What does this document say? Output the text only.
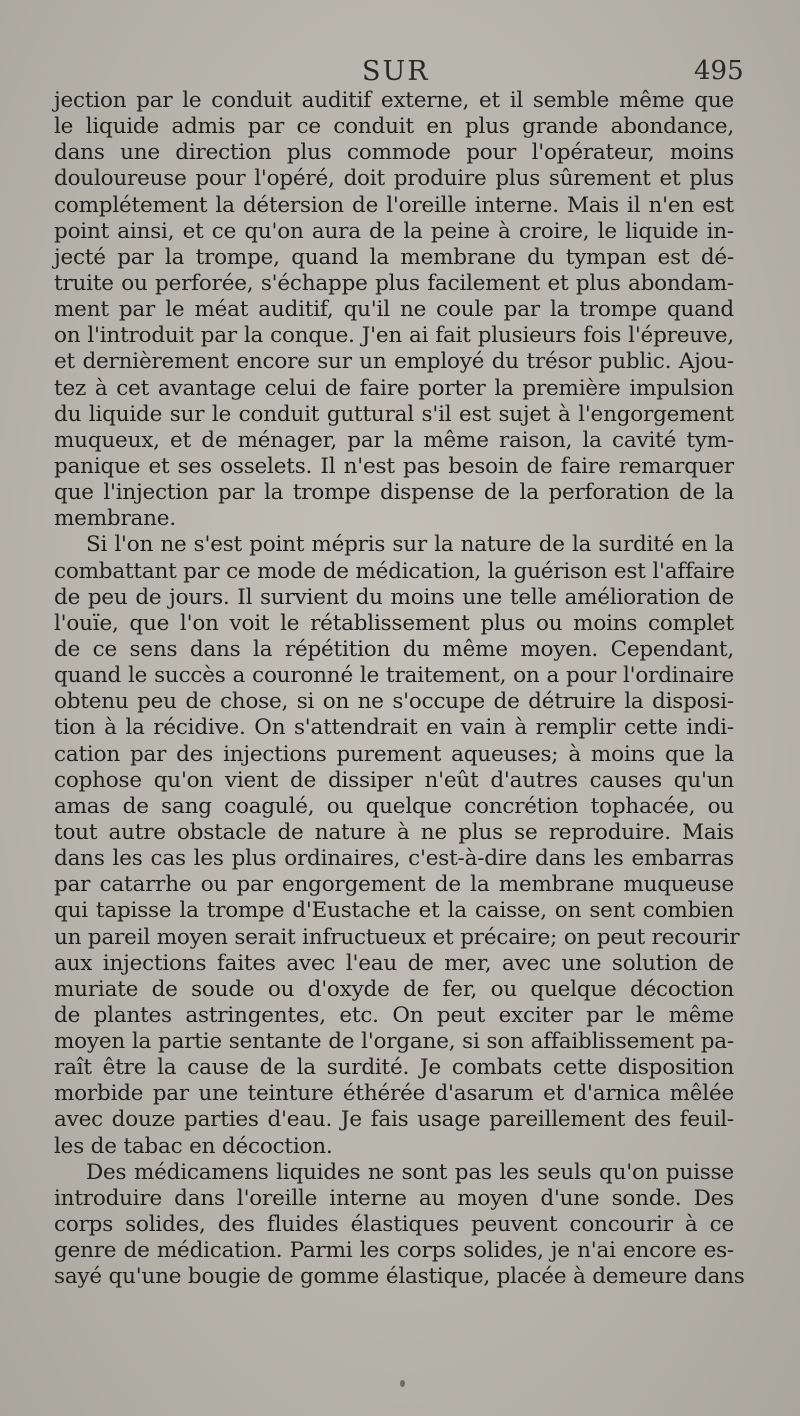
SUR	495
jection par le conduit auditif externe, et il semble même que
le liquide admis par ce conduit en plus grande abondance,
dans une direction plus commode pour l'opérateur, moins
douloureuse pour l'opéré, doit produire plus sûrement et plus
complétement la détersion de l'oreille interne. Mais il n'en est
point ainsi, et ce qu'on aura de la peine à croire, le liquide in-
jecté par la trompe, quand la membrane du tympan est dé-
truite ou perforée, s'échappe plus facilement et plus abondam-
ment par le méat auditif, qu'il ne coule par la trompe quand
on l'introduit par la conque. J'en ai fait plusieurs fois l'épreuve,
et dernièrement encore sur un employé du trésor public. Ajou-
tez à cet avantage celui de faire porter la première impulsion
du liquide sur le conduit guttural s'il est sujet à l'engorgement
muqueux, et de ménager, par la même raison, la cavité tym-
panique et ses osselets. Il n'est pas besoin de faire remarquer
que l'injection par la trompe dispense de la perforation de la
membrane.
Si l'on ne s'est point mépris sur la nature de la surdité en la
combattant par ce mode de médication, la guérison est l'affaire
de peu de jours. Il survient du moins une telle amélioration de
l'ouïe, que l'on voit le rétablissement plus ou moins complet
de ce sens dans la répétition du même moyen. Cependant,
quand le succès a couronné le traitement, on a pour l'ordinaire
obtenu peu de chose, si on ne s'occupe de détruire la disposi-
tion à la récidive. On s'attendrait en vain à remplir cette indi-
cation par des injections purement aqueuses; à moins que la
cophose qu'on vient de dissiper n'eût d'autres causes qu'un
amas de sang coagulé, ou quelque concrétion tophacée, ou
tout autre obstacle de nature à ne plus se reproduire. Mais
dans les cas les plus ordinaires, c'est-à-dire dans les embarras
par catarrhe ou par engorgement de la membrane muqueuse
qui tapisse la trompe d'Eustache et la caisse, on sent combien
un pareil moyen serait infructueux et précaire; on peut recourir
aux injections faites avec l'eau de mer, avec une solution de
muriate de soude ou d'oxyde de fer, ou quelque décoction
de plantes astringentes, etc. On peut exciter par le même
moyen la partie sentante de l'organe, si son affaiblissement pa-
raît être la cause de la surdité. Je combats cette disposition
morbide par une teinture éthérée d'asarum et d'arnica mêlée
avec douze parties d'eau. Je fais usage pareillement des feuil-
les de tabac en décoction.
Des médicamens liquides ne sont pas les seuls qu'on puisse
introduire dans l'oreille interne au moyen d'une sonde. Des
corps solides, des fluides élastiques peuvent concourir à ce
genre de médication. Parmi les corps solides, je n'ai encore es-
sayé qu'une bougie de gomme élastique, placée à demeure dans
